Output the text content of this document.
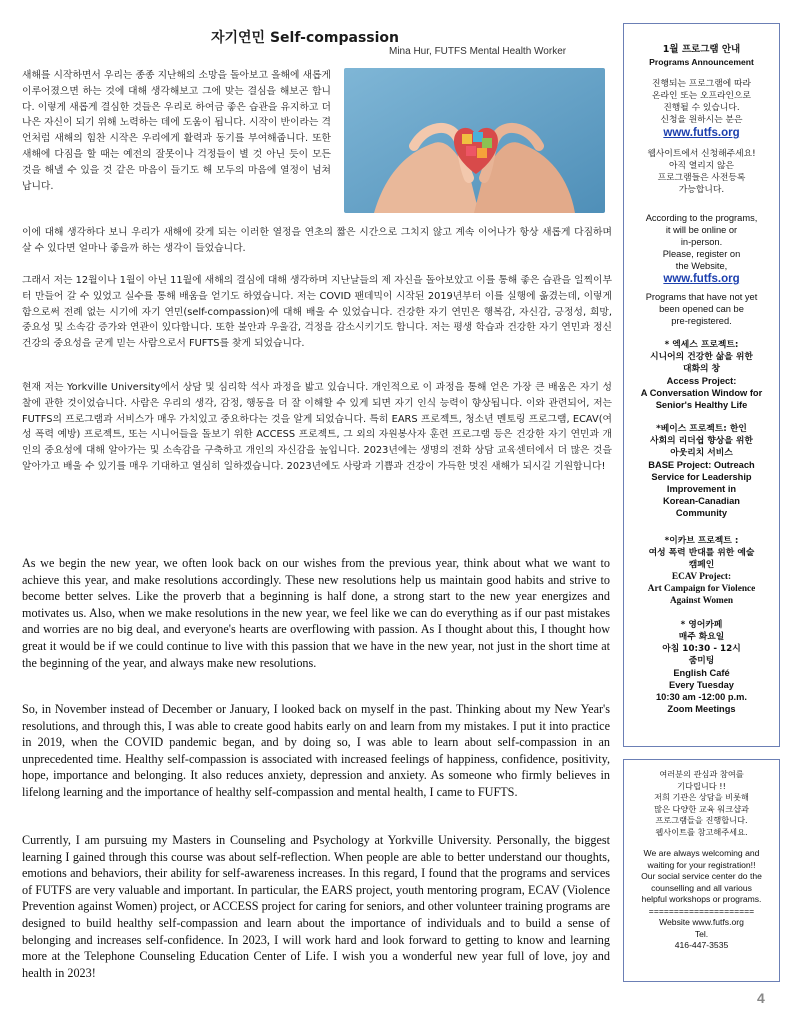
자기연민 Self-compassion
Mina Hur, FUTFS Mental Health Worker

새해를 시작하면서 우리는 종종 지난해의 소망을 돌아보고 올해에 새롭게 이루어졌으면 하는 것에 대해 생각해보고 그에 맞는 결심을 해보곤 합니다. 이렇게 새롭게 결심한 것들은 우리로 하여금 좋은 습관을 유지하고 더 나은 자신이 되기 위해 노력하는 데에 도움이 됩니다. 시작이 반이라는 격언처럼 새해의 힘찬 시작은 우리에게 활력과 동기를 부여해줍니다. 또한 새해에 다짐을 할 때는 예전의 잘못이나 걱정들이 별 것 아닌 듯이 모든 것을 해낼 수 있을 것 같은 마음이 들기도 해 모두의 마음에 열정이 넘쳐납니다.

이에 대해 생각하다 보니 우리가 새해에 갖게 되는 이러한 열정을 연초의 짧은 시간으로 그치지 않고 계속 이어나가 항상 새롭게 다짐하며 살 수 있다면 얼마나 좋을까 하는 생각이 들었습니다.

그래서 저는 12월이나 1월이 아닌 11월에 새해의 결심에 대해 생각하며 지난날들의 제 자신을 돌아보았고 이를 통해 좋은 습관을 일찍이부터 만들어 갈 수 있었고 실수를 통해 배움을 얻기도 하였습니다. 저는 COVID 팬데믹이 시작된 2019년부터 이를 실행에 옮겼는데, 이렇게 함으로써 전례 없는 시기에 자기 연민(self-compassion)에 대해 배울 수 있었습니다. 건강한 자기 연민은 행복감, 자신감, 긍정성, 희망, 중요성 및 소속감 증가와 연관이 있다합니다. 또한 불안과 우울감, 걱정을 감소시키기도 합니다. 저는 평생 학습과 건강한 자기 연민과 정신 건강의 중요성을 굳게 믿는 사람으로서 FUFTS를 찾게 되었습니다.

현재 저는 Yorkville University에서 상담 및 심리학 석사 과정을 밟고 있습니다. 개인적으로 이 과정을 통해 얻은 가장 큰 배움은 자기 성찰에 관한 것이었습니다. 사람은 우리의 생각, 감정, 행동을 더 잘 이해할 수 있게 되면 자기 인식 능력이 향상됩니다. 이와 관련되어, 저는 FUTFS의 프로그램과 서비스가 매우 가치있고 중요하다는 것을 알게 되었습니다. 특히 EARS 프로젝트, 청소년 멘토링 프로그램, ECAV(여성 폭력 예방) 프로젝트, 또는 시니어들을 돌보기 위한 ACCESS 프로젝트, 그 외의 자원봉사자 훈련 프로그램 등은 건강한 자기 연민과 개인의 중요성에 대해 알아가는 및 소속감을 구축하고 개인의 자신감을 높입니다. 2023년에는 생명의 전화 상담 교육센터에서 더 많은 것을 알아가고 배울 수 있기를 매우 기대하고 열심히 일하겠습니다. 2023년에도 사랑과 기쁨과 건강이 가득한 멋진 새해가 되시길 기원합니다!

As we begin the new year, we often look back on our wishes from the previous year, think about what we want to achieve this year, and make resolutions accordingly. These new resolutions help us maintain good habits and strive to become better selves. Like the proverb that a beginning is half done, a strong start to the new year energizes and motivates us. Also, when we make resolutions in the new year, we feel like we can do everything as if our past mistakes and worries are no big deal, and everyone's hearts are overflowing with passion. As I thought about this, I thought how great it would be if we could continue to live with this passion that we have in the new year, not just in the short time at the beginning of the year, and always make new resolutions.

So, in November instead of December or January, I looked back on myself in the past. Thinking about my New Year's resolutions, and through this, I was able to create good habits early on and learn from my mistakes. I put it into practice in 2019, when the COVID pandemic began, and by doing so, I was able to learn about self-compassion in an unprecedented time. Healthy self-compassion is associated with increased feelings of happiness, confidence, positivity, hope, importance and belonging. It also reduces anxiety, depression and anxiety. As someone who firmly believes in lifelong learning and the importance of healthy self-compassion and mental health, I came to FUFTS.

Currently, I am pursuing my Masters in Counseling and Psychology at Yorkville University. Personally, the biggest learning I gained through this course was about self-reflection. When people are able to better understand our thoughts, emotions and behaviors, their ability for self-awareness increases. In this regard, I found that the programs and services of FUTFS are very valuable and important. In particular, the EARS project, youth mentoring program, ECAV (Violence Prevention against Women) project, or ACCESS project for caring for seniors, and other volunteer training programs are designed to build healthy self-compassion and learn about the importance of individuals and to build a sense of belonging and increases self-confidence. In 2023, I will work hard and look forward to getting to know and learning more at the Telephone Counseling Education Center of Life. I wish you a wonderful new year full of love, joy and health in 2023!

1월 프로그램 안내
Programs Announcement
진행되는 프로그램에 따라
온라인 또는 오프라인으로
진행될 수 있습니다.
신청을 원하시는 분은
www.futfs.org
웹사이트에서 신청해주세요!
아직 열리지 않은
프로그램들은 사전등록
가능합니다.
According to the programs,
it will be online or
in-person.
Please, register on
the Website,
www.futfs.org
Programs that have not yet
been opened can be
pre-registered.
* 엑세스 프로젝트:
시니어의 건강한 삶을 위한
대화의 창
Access Project:
A Conversation Window for
Senior's Healthy Life
*베이스 프로젝트: 한인
사회의 리더쉽 향상을 위한
아웃리치 서비스
BASE Project: Outreach
Service for Leadership
Improvement in
Korean-Canadian
Community
*이카브 프로젝트 :
여성 폭력 반대를 위한 예술
캠페인
ECAV Project:
Art Campaign for Violence
Against Women
* 영어카페
매주 화요일
아침 10:30 - 12시
줌미팅
English Café
Every Tuesday
10:30 am -12:00 p.m.
Zoom Meetings
여러분의 관심과 참여를
기다립니다 !!
저희 기관은 상담을 비롯해
많은 다양한 교육 워크샵과
프로그램들을 진행합니다.
웹사이트를 참고해주세요.
We are always welcoming and
waiting for your registration!!
Our social service center do the
counselling and all various
helpful workshops or programs.
=====================
Website www.futfs.org
Tel.
416-447-3535
4
